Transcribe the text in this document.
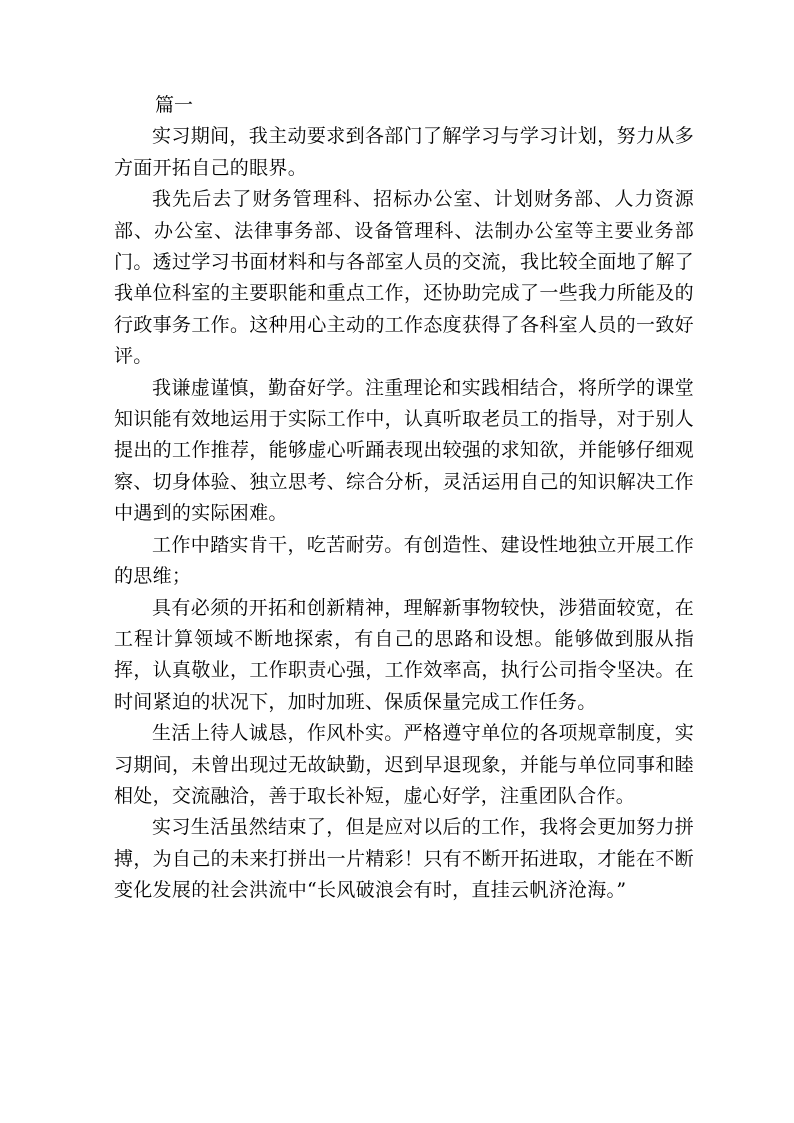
篇一

实习期间，我主动要求到各部门了解学习与学习计划，努力从多方面开拓自己的眼界。

我先后去了财务管理科、招标办公室、计划财务部、人力资源部、办公室、法律事务部、设备管理科、法制办公室等主要业务部门。透过学习书面材料和与各部室人员的交流，我比较全面地了解了我单位科室的主要职能和重点工作，还协助完成了一些我力所能及的行政事务工作。这种用心主动的工作态度获得了各科室人员的一致好评。

我谦虚谨慎，勤奋好学。注重理论和实践相结合，将所学的课堂知识能有效地运用于实际工作中，认真听取老员工的指导，对于别人提出的工作推荐，能够虚心听踊表现出较强的求知欲，并能够仔细观察、切身体验、独立思考、综合分析，灵活运用自己的知识解决工作中遇到的实际困难。

工作中踏实肯干，吃苦耐劳。有创造性、建设性地独立开展工作的思维；

具有必须的开拓和创新精神，理解新事物较快，涉猎面较宽，在工程计算领域不断地探索，有自己的思路和设想。能够做到服从指挥，认真敬业，工作职责心强，工作效率高，执行公司指令坚决。在时间紧迫的状况下，加时加班、保质保量完成工作任务。

生活上待人诚恳，作风朴实。严格遵守单位的各项规章制度，实习期间，未曾出现过无故缺勤，迟到早退现象，并能与单位同事和睦相处，交流融洽，善于取长补短，虚心好学，注重团队合作。

实习生活虽然结束了，但是应对以后的工作，我将会更加努力拼搏，为自己的未来打拼出一片精彩！只有不断开拓进取，才能在不断变化发展的社会洪流中“长风破浪会有时，直挂云帆济沧海。”
